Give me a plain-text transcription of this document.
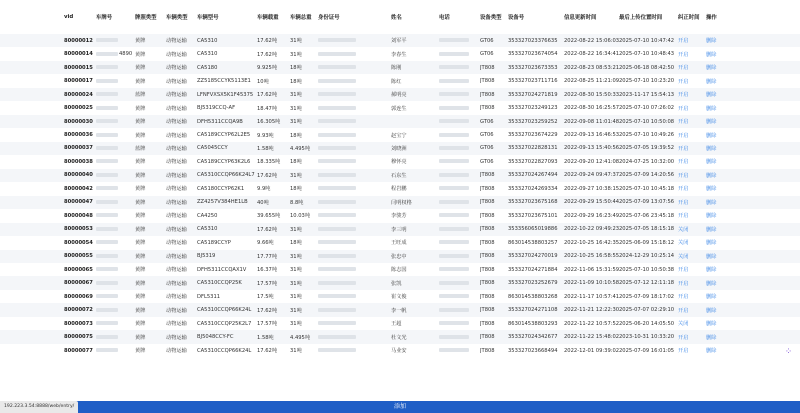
vid	车牌号	牌照类型	车辆类型	车辆型号	车辆载重	车辆总重	身份证号	姓名	电话	设备类型	设备号	信息更新时间	最后上传位置时间	纠正时间	操作
80000012		黄牌	动物运输	CA5310	17.62吨	31吨		刘军平		GT06	353327023376635	2022-08-22 15:06:03	2025-07-10 10:47:42	开启	删除
80000014	4890	黄牌	动物运输	CA5310	17.62吨	31吨		李春生		GT06	353327023674054	2022-08-22 16:34:41	2025-07-10 10:48:43	开启	删除
80000015		黄牌	动物运输	CA5180	9.925吨	18吨		陈刚		JT808	353327023673353	2022-08-23 08:53:21	2025-06-18 08:42:50	开启	删除
80000017		黄牌	动物运输	ZZ5185CCYK5113E1	10吨	18吨		陈红		JT808	353327023711716	2022-08-25 11:21:09	2025-07-10 10:23:20	开启	删除
80000024		蓝牌	动物运输	LFNFVXSX5K1F45375	17.62吨	31吨		郝明亮		JT808	353327024271819	2022-08-30 15:50:33	2023-11-17 15:54:13	开启	删除
80000025		黄牌	动物运输	BJ5319CCQ-AF	18.47吨	31吨		郭连生		JT808	353327023249123	2022-08-30 16:25:57	2025-07-10 07:26:02	开启	删除
80000030		黄牌	动物运输	DFH5311CCQA9B	16.305吨	31吨				GT06	353327023259252	2022-09-08 11:01:48	2025-07-10 10:50:08	开启	删除
80000036		黄牌	动物运输	CA5189CCYP62L2E5	9.93吨	18吨		赵宝宁		GT06	353327023674229	2022-09-13 16:46:53	2025-07-10 10:49:26	开启	删除
80000037		蓝牌	动物运输	CA5045CCY	1.58吨	4.495吨		刘晓洲		GT06	353327022828131	2022-09-13 15:40:56	2025-07-05 19:39:52	开启	删除
80000038		黄牌	动物运输	CA5189CCYP63K2L6	18.335吨	18吨		穆怀亮		GT06	353327022827093	2022-09-20 12:41:08	2024-07-25 10:32:00	开启	删除
80000040		黄牌	动物运输	CA5310CCQP66K24L7	17.62吨	31吨		石东生		JT808	353327024267494	2022-09-24 09:47:37	2025-07-09 14:20:56	开启	删除
80000042		黄牌	动物运输	CA5180CCYP62K1	9.9吨	18吨		程岩鹏		JT808	353327024269334	2022-09-27 10:38:15	2025-07-10 10:45:18	开启	删除
80000047		黄牌	动物运输	ZZ4257V384HE1LB	40吨	8.8吨		闫明权格		JT808	353327023675168	2022-09-29 15:50:44	2025-07-09 13:07:56	开启	删除
80000048		黄牌	动物运输	CA4250	39.655吨	10.03吨		李骏芳		JT808	353327023675101	2022-09-29 16:23:49	2025-07-06 23:45:18	开启	删除
80000053		黄牌	动物运输	CA5310	17.62吨	31吨		李三明		JT808	353356065019886	2022-10-22 09:49:23	2025-07-05 18:15:18	关闭	删除
80000054		黄牌	动物运输	CA5189CCYP	9.66吨	18吨		王旺成		JT808	863014538803257	2022-10-25 16:42:35	2025-06-09 15:18:12	关闭	删除
80000055		黄牌	动物运输	BJ5319	17.77吨	31吨		张忠中		JT808	353327024270019	2022-10-25 16:58:55	2024-12-29 10:25:14	关闭	删除
80000065		黄牌	动物运输	DFH5311CCQAX1V	16.37吨	31吨		陈志国		JT808	353327024271884	2022-11-06 15:31:59	2025-07-10 10:50:38	开启	删除
80000067		黄牌	动物运输	CA5310CCQP25K	17.57吨	31吨		张凯		JT808	353327023252679	2022-11-09 10:10:58	2025-07-12 12:11:18	开启	删除
80000069		黄牌	动物运输	DFL5311	17.5吨	31吨		崔文俊		JT808	863014538803268	2022-11-17 10:57:41	2025-07-09 18:17:02	开启	删除
80000072		黄牌	动物运输	CA5310CCQP66K24L	17.62吨	31吨		李一帆		JT808	353327024271108	2022-11-21 12:22:30	2025-07-07 02:29:10	开启	删除
80000073		黄牌	动物运输	CA5310CCQP25K2L7	17.57吨	31吨		王超		JT808	863014538803293	2022-11-22 10:57:52	2025-06-20 14:05:50	关闭	删除
80000075		黄牌	动物运输	BJ5048CCY-FC	1.58吨	4.495吨		杜文光		JT808	353327024342677	2022-11-22 15:48:02	2023-10-31 10:33:20	开启	删除
80000077		黄牌	动物运输	CA5310CCQP66K24L	17.62吨	31吨		马业安		JT808	353327023668494	2022-12-01 09:39:02	2025-07-09 16:01:05	开启	删除
添加
192.223.3.54:8888/web/entry/
⁘
